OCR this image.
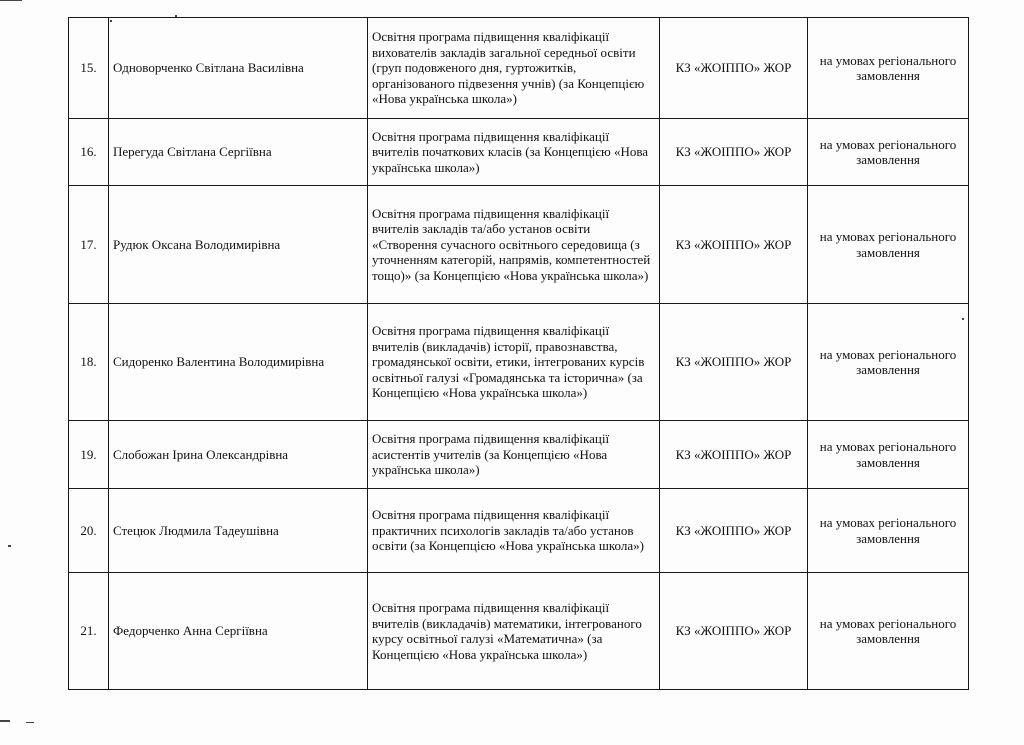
15.	Одноворченко Світлана Василівна	Освітня програма підвищення кваліфікації вихователів закладів загальної середньої освіти (груп подовженого дня, гуртожитків, організованого підвезення учнів) (за Концепцією «Нова українська школа»)	КЗ «ЖОІППО» ЖОР	на умовах регіонального замовлення
16.	Перегуда Світлана Сергіївна	Освітня програма підвищення кваліфікації вчителів початкових класів (за Концепцією «Нова українська школа»)	КЗ «ЖОІППО» ЖОР	на умовах регіонального замовлення
17.	Рудюк Оксана Володимирівна	Освітня програма підвищення кваліфікації вчителів закладів та/або установ освіти «Створення сучасного освітнього середовища (з уточненням категорій, напрямів, компетентностей тощо)» (за Концепцією «Нова українська школа»)	КЗ «ЖОІППО» ЖОР	на умовах регіонального замовлення
18.	Сидоренко Валентина Володимирівна	Освітня програма підвищення кваліфікації вчителів (викладачів) історії, правознавства, громадянської освіти, етики, інтегрованих курсів освітньої галузі «Громадянська та історична» (за Концепцією «Нова українська школа»)	КЗ «ЖОІППО» ЖОР	на умовах регіонального замовлення
19.	Слобожан Ірина Олександрівна	Освітня програма підвищення кваліфікації асистентів учителів (за Концепцією «Нова українська школа»)	КЗ «ЖОІППО» ЖОР	на умовах регіонального замовлення
20.	Стецюк Людмила Тадеушівна	Освітня програма підвищення кваліфікації практичних психологів закладів та/або установ освіти (за Концепцією «Нова українська школа»)	КЗ «ЖОІППО» ЖОР	на умовах регіонального замовлення
21.	Федорченко Анна Сергіївна	Освітня програма підвищення кваліфікації вчителів (викладачів) математики, інтегрованого курсу освітньої галузі «Математична» (за Концепцією «Нова українська школа»)	КЗ «ЖОІППО» ЖОР	на умовах регіонального замовлення
